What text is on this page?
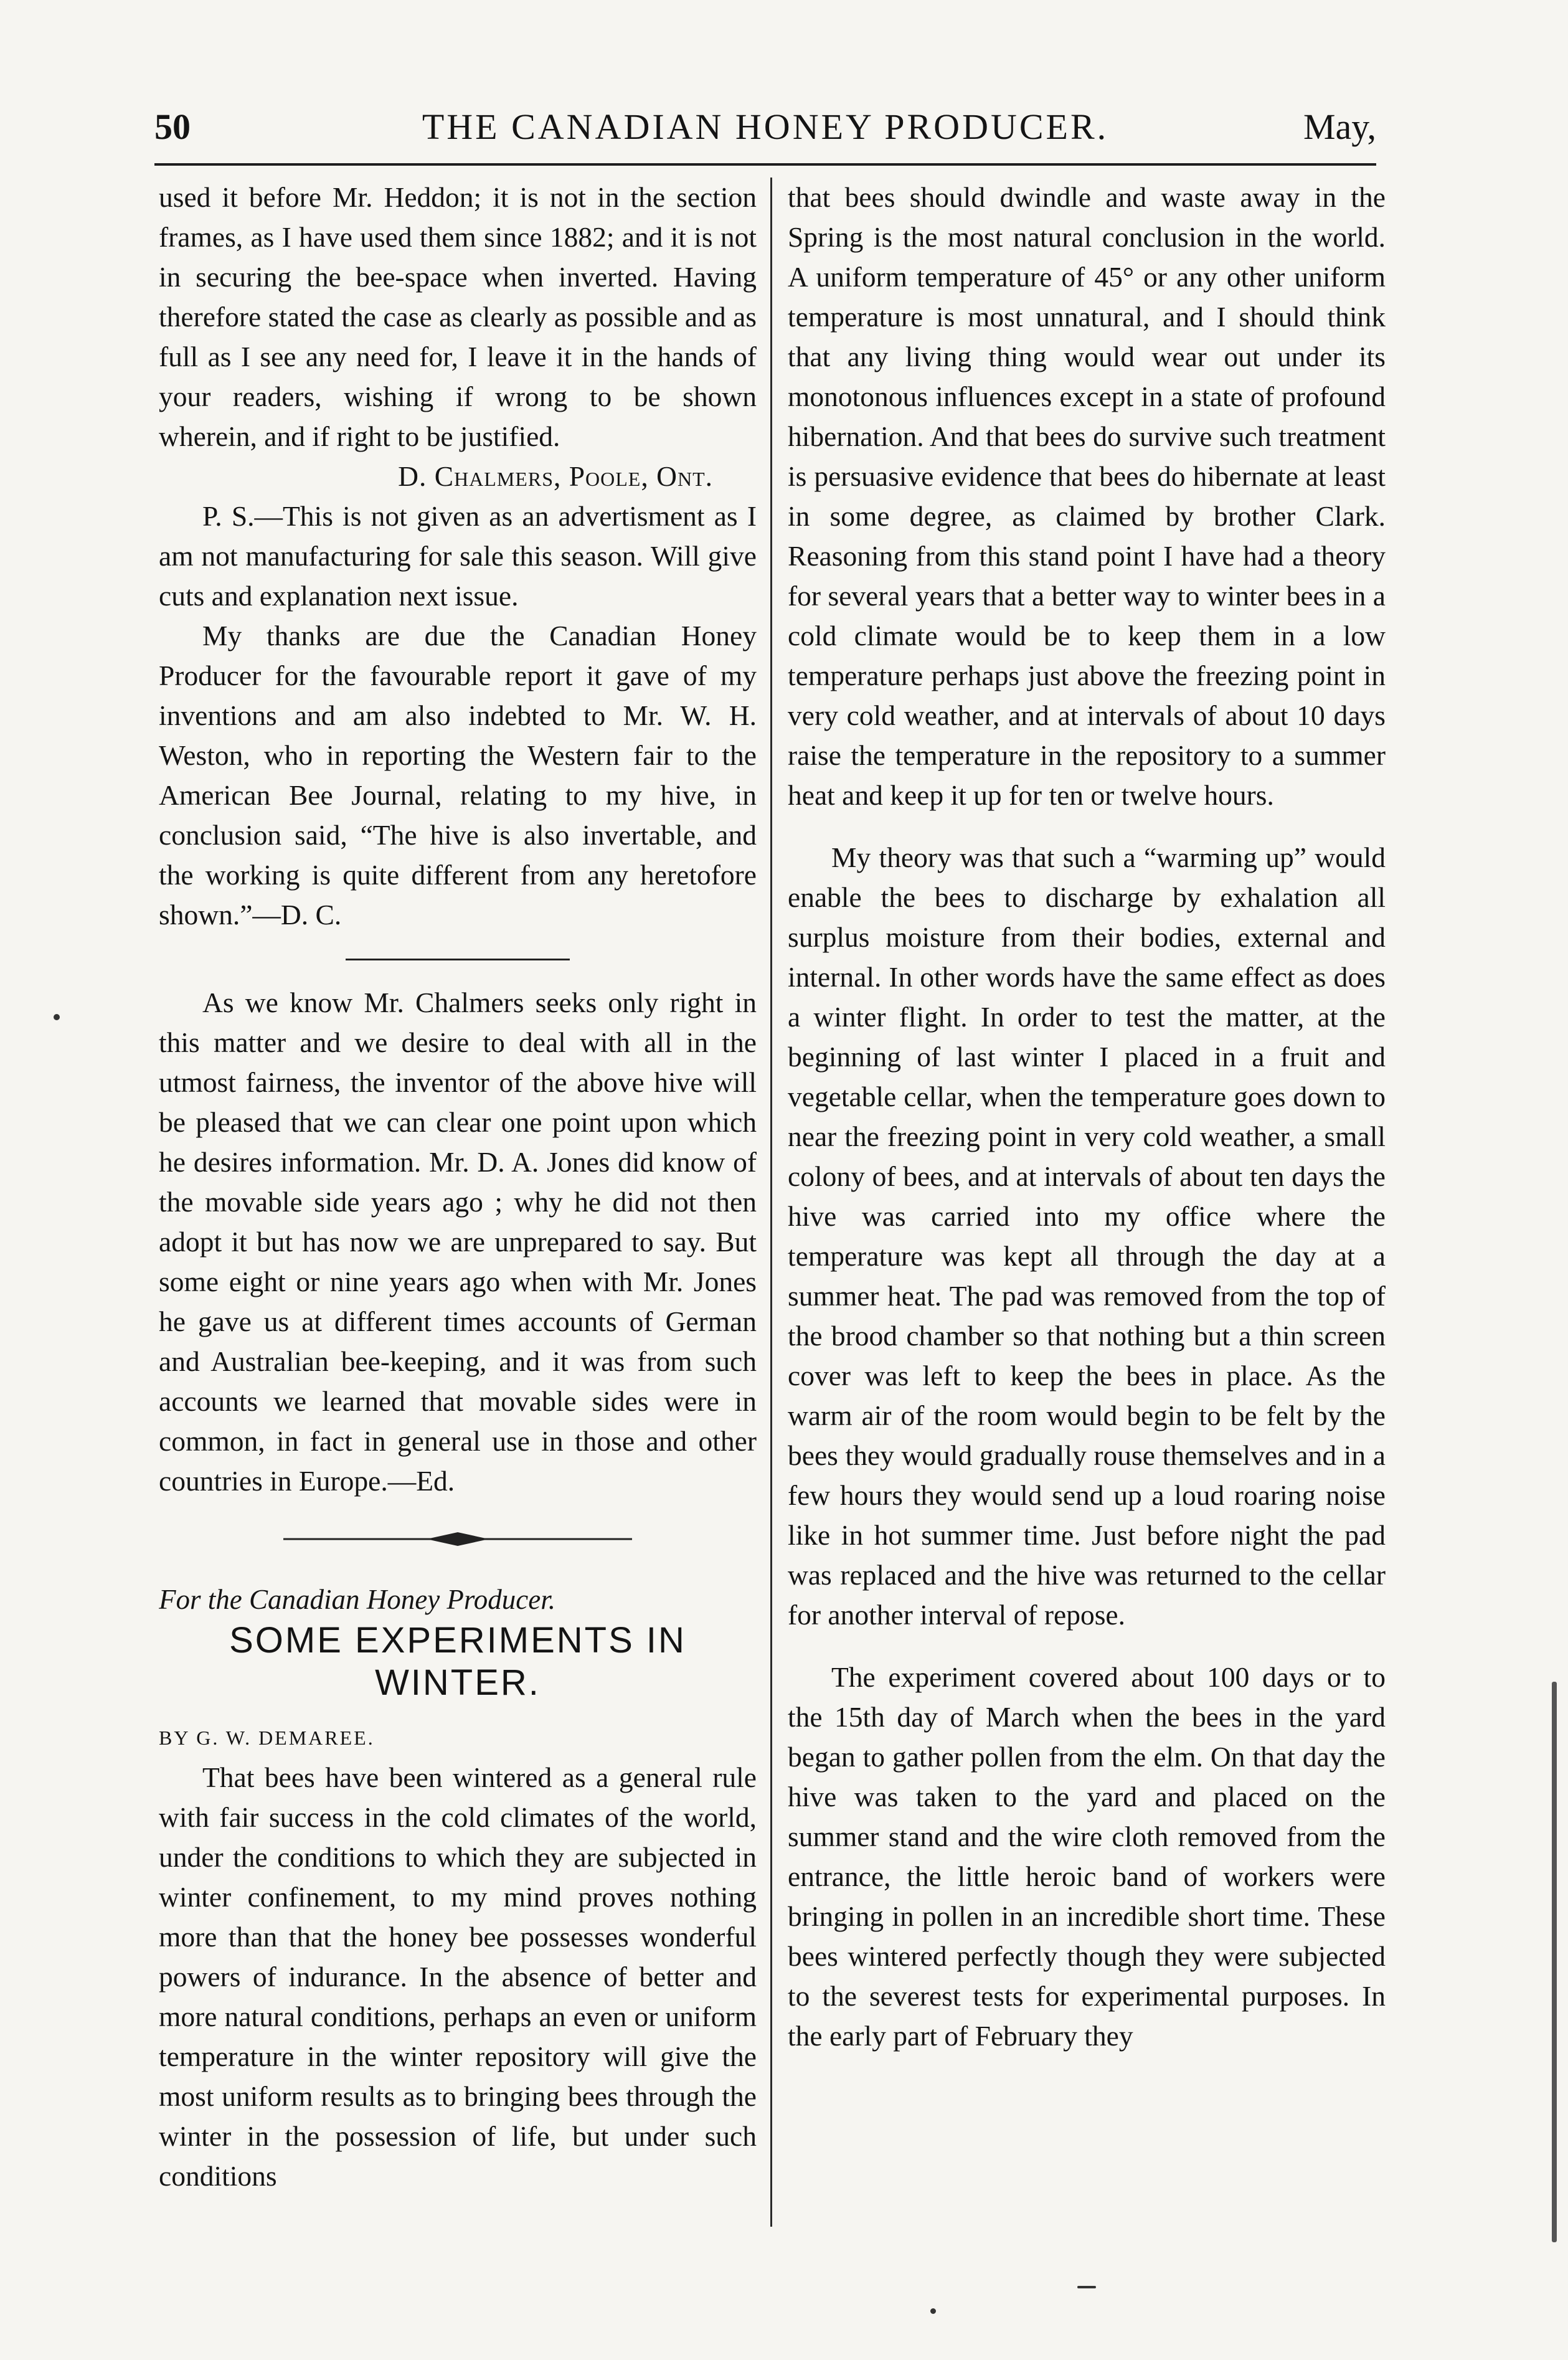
50	THE CANADIAN HONEY PRODUCER.	May,

used it before Mr. Heddon; it is not in the section frames, as I have used them since 1882; and it is not in securing the bee-space when inverted. Having therefore stated the case as clearly as possible and as full as I see any need for, I leave it in the hands of your readers, wishing if wrong to be shown wherein, and if right to be justified.

D. Chalmers, Poole, Ont.

P. S.—This is not given as an advertisment as I am not manufacturing for sale this season. Will give cuts and explanation next issue.

My thanks are due the Canadian Honey Producer for the favourable report it gave of my inventions and am also indebted to Mr. W. H. Weston, who in reporting the Western fair to the American Bee Journal, relating to my hive, in conclusion said, “The hive is also invertable, and the working is quite different from any heretofore shown.”—D. C.

As we know Mr. Chalmers seeks only right in this matter and we desire to deal with all in the utmost fairness, the inventor of the above hive will be pleased that we can clear one point upon which he desires information. Mr. D. A. Jones did know of the movable side years ago ; why he did not then adopt it but has now we are unprepared to say. But some eight or nine years ago when with Mr. Jones he gave us at different times accounts of German and Australian bee-keeping, and it was from such accounts we learned that movable sides were in common, in fact in general use in those and other countries in Europe.—Ed.

For the Canadian Honey Producer.

SOME EXPERIMENTS IN
WINTER.

BY G. W. DEMAREE.

That bees have been wintered as a general rule with fair success in the cold climates of the world, under the conditions to which they are subjected in winter confinement, to my mind proves nothing more than that the honey bee possesses wonderful powers of indurance. In the absence of better and more natural conditions, perhaps an even or uniform temperature in the winter repository will give the most uniform results as to bringing bees through the winter in the possession of life, but under such conditions

that bees should dwindle and waste away in the Spring is the most natural conclusion in the world. A uniform temperature of 45° or any other uniform temperature is most unnatural, and I should think that any living thing would wear out under its monotonous influences except in a state of profound hibernation. And that bees do survive such treatment is persuasive evidence that bees do hibernate at least in some degree, as claimed by brother Clark. Reasoning from this stand point I have had a theory for several years that a better way to winter bees in a cold climate would be to keep them in a low temperature perhaps just above the freezing point in very cold weather, and at intervals of about 10 days raise the temperature in the repository to a summer heat and keep it up for ten or twelve hours.

My theory was that such a “warming up” would enable the bees to discharge by exhalation all surplus moisture from their bodies, external and internal. In other words have the same effect as does a winter flight. In order to test the matter, at the beginning of last winter I placed in a fruit and vegetable cellar, when the temperature goes down to near the freezing point in very cold weather, a small colony of bees, and at intervals of about ten days the hive was carried into my office where the temperature was kept all through the day at a summer heat. The pad was removed from the top of the brood chamber so that nothing but a thin screen cover was left to keep the bees in place. As the warm air of the room would begin to be felt by the bees they would gradually rouse themselves and in a few hours they would send up a loud roaring noise like in hot summer time. Just before night the pad was replaced and the hive was returned to the cellar for another interval of repose.

The experiment covered about 100 days or to the 15th day of March when the bees in the yard began to gather pollen from the elm. On that day the hive was taken to the yard and placed on the summer stand and the wire cloth removed from the entrance, the little heroic band of workers were bringing in pollen in an incredible short time. These bees wintered perfectly though they were subjected to the severest tests for experimental purposes. In the early part of February they
